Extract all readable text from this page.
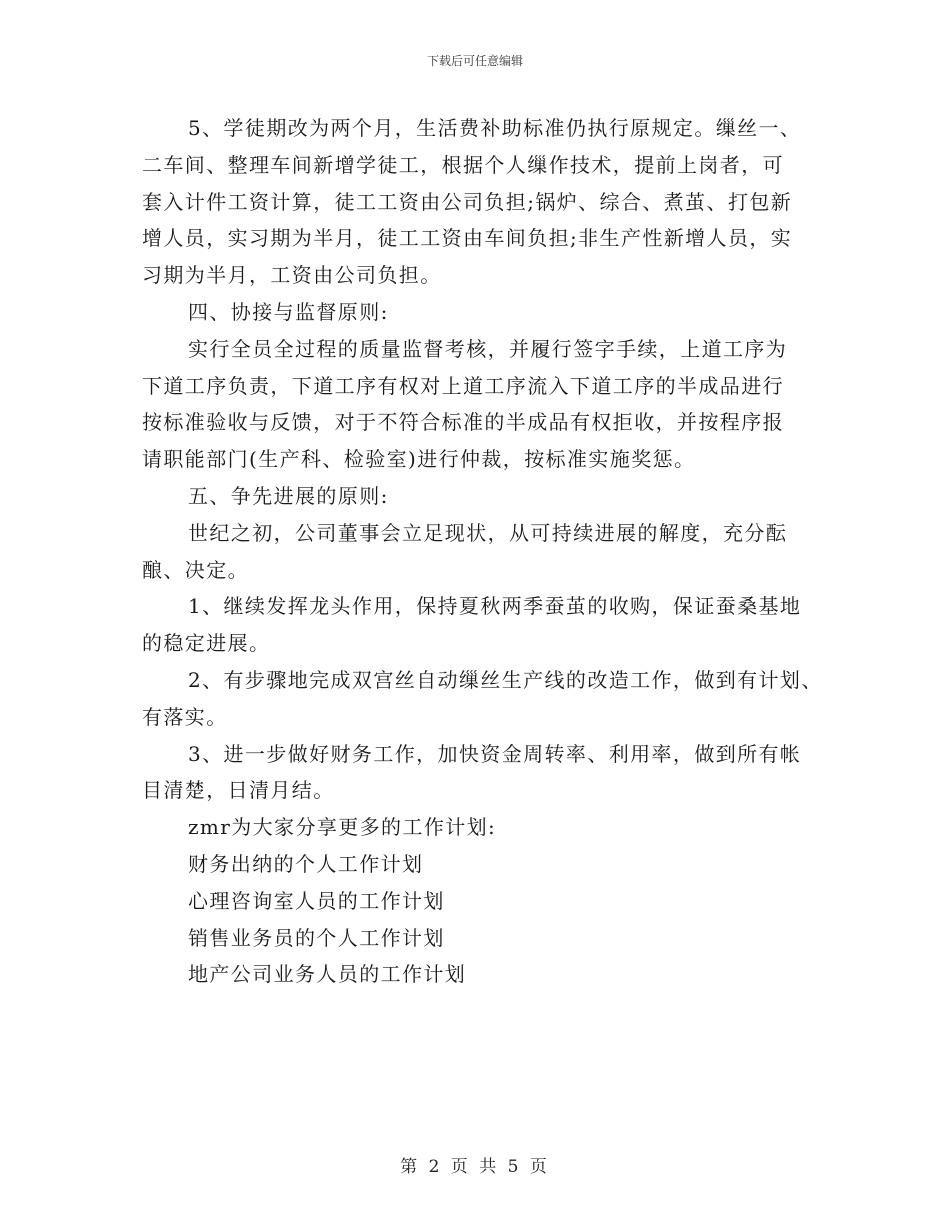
下载后可任意编辑

5、学徒期改为两个月，生活费补助标准仍执行原规定。缫丝一、

二车间、整理车间新增学徒工，根据个人缫作技术，提前上岗者，可

套入计件工资计算，徒工工资由公司负担;锅炉、综合、煮茧、打包新

增人员，实习期为半月，徒工工资由车间负担;非生产性新增人员，实

习期为半月，工资由公司负担。

四、协接与监督原则:

实行全员全过程的质量监督考核，并履行签字手续，上道工序为

下道工序负责，下道工序有权对上道工序流入下道工序的半成品进行

按标准验收与反馈，对于不符合标准的半成品有权拒收，并按程序报

请职能部门(生产科、检验室)进行仲裁，按标准实施奖惩。

五、争先进展的原则:

世纪之初，公司董事会立足现状，从可持续进展的解度，充分酝

酿、决定。

1、继续发挥龙头作用，保持夏秋两季蚕茧的收购，保证蚕桑基地

的稳定进展。

2、有步骤地完成双宫丝自动缫丝生产线的改造工作，做到有计划、

有落实。

3、进一步做好财务工作，加快资金周转率、利用率，做到所有帐

目清楚，日清月结。

zmr为大家分享更多的工作计划:

财务出纳的个人工作计划

心理咨询室人员的工作计划

销售业务员的个人工作计划

地产公司业务人员的工作计划

第 2 页 共 5 页
